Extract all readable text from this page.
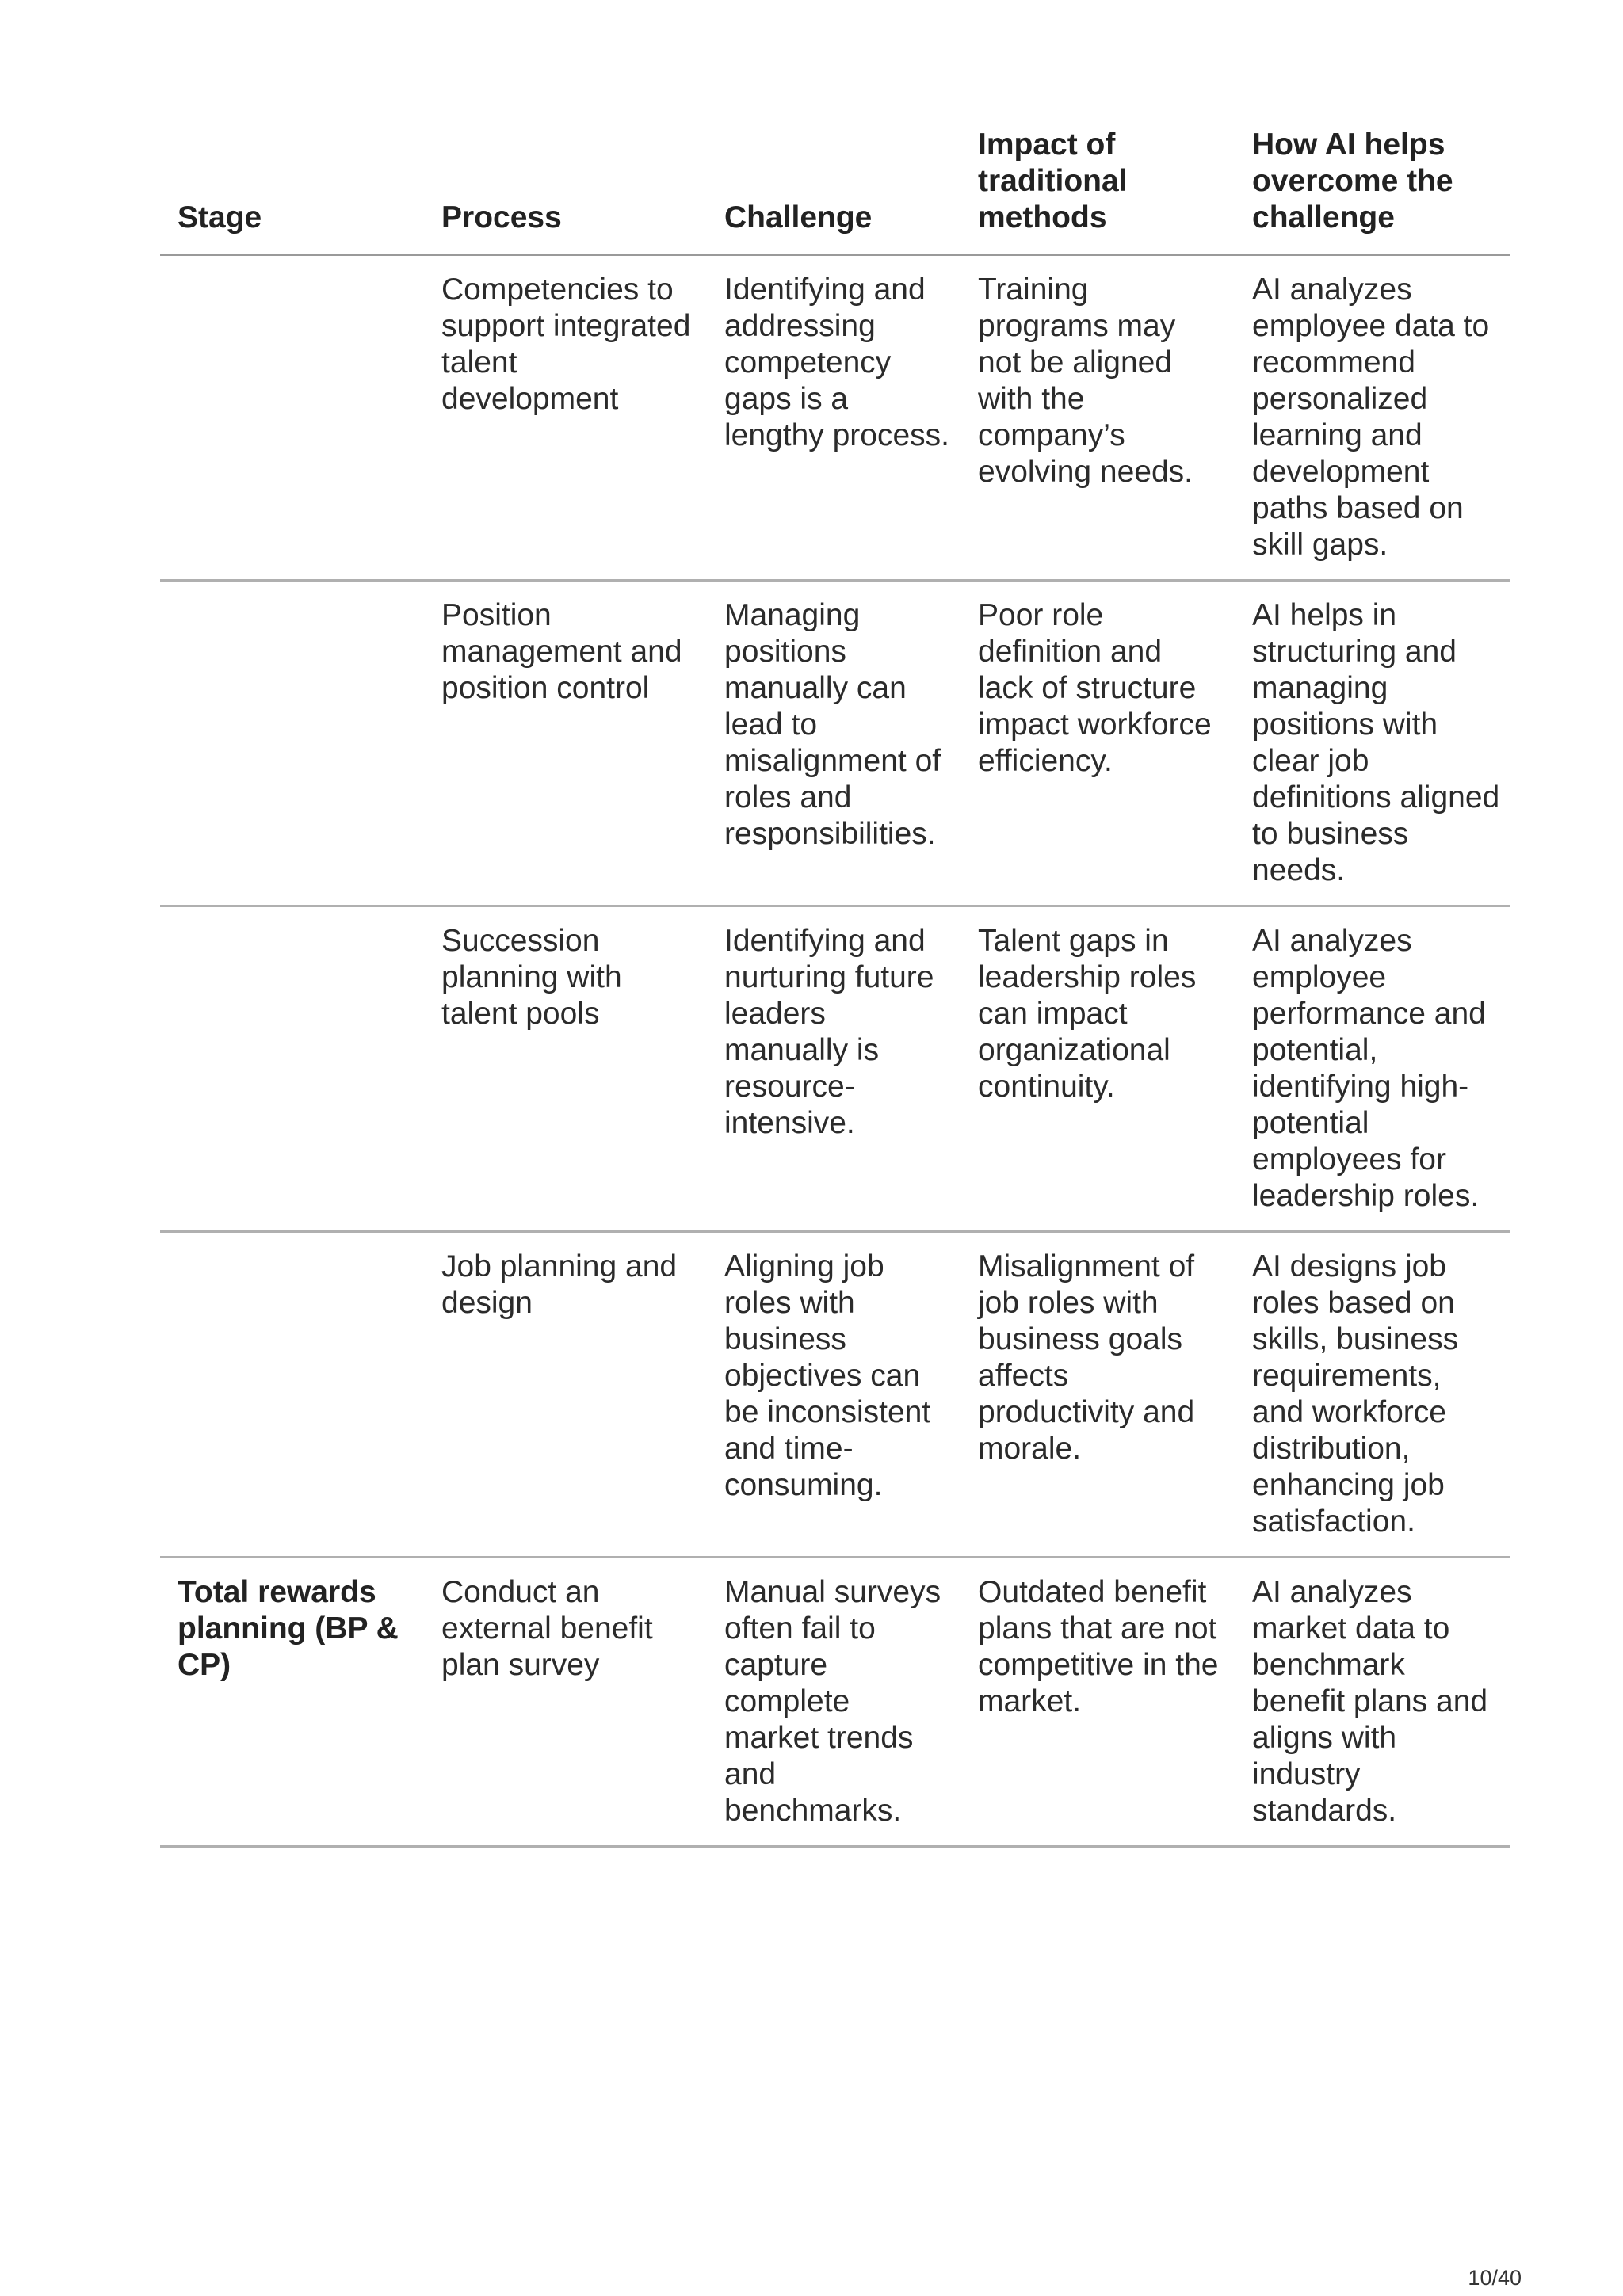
Stage	Process	Challenge	Impact of traditional methods	How AI helps overcome the challenge
	Competencies to support integrated talent development	Identifying and addressing competency gaps is a lengthy process.	Training programs may not be aligned with the company’s evolving needs.	AI analyzes employee data to recommend personalized learning and development paths based on skill gaps.
	Position management and position control	Managing positions manually can lead to misalignment of roles and responsibilities.	Poor role definition and lack of structure impact workforce efficiency.	AI helps in structuring and managing positions with clear job definitions aligned to business needs.
	Succession planning with talent pools	Identifying and nurturing future leaders manually is resource-intensive.	Talent gaps in leadership roles can impact organizational continuity.	AI analyzes employee performance and potential, identifying high-potential employees for leadership roles.
	Job planning and design	Aligning job roles with business objectives can be inconsistent and time-consuming.	Misalignment of job roles with business goals affects productivity and morale.	AI designs job roles based on skills, business requirements, and workforce distribution, enhancing job satisfaction.
Total rewards planning (BP & CP)	Conduct an external benefit plan survey	Manual surveys often fail to capture complete market trends and benchmarks.	Outdated benefit plans that are not competitive in the market.	AI analyzes market data to benchmark benefit plans and aligns with industry standards.
10/40
